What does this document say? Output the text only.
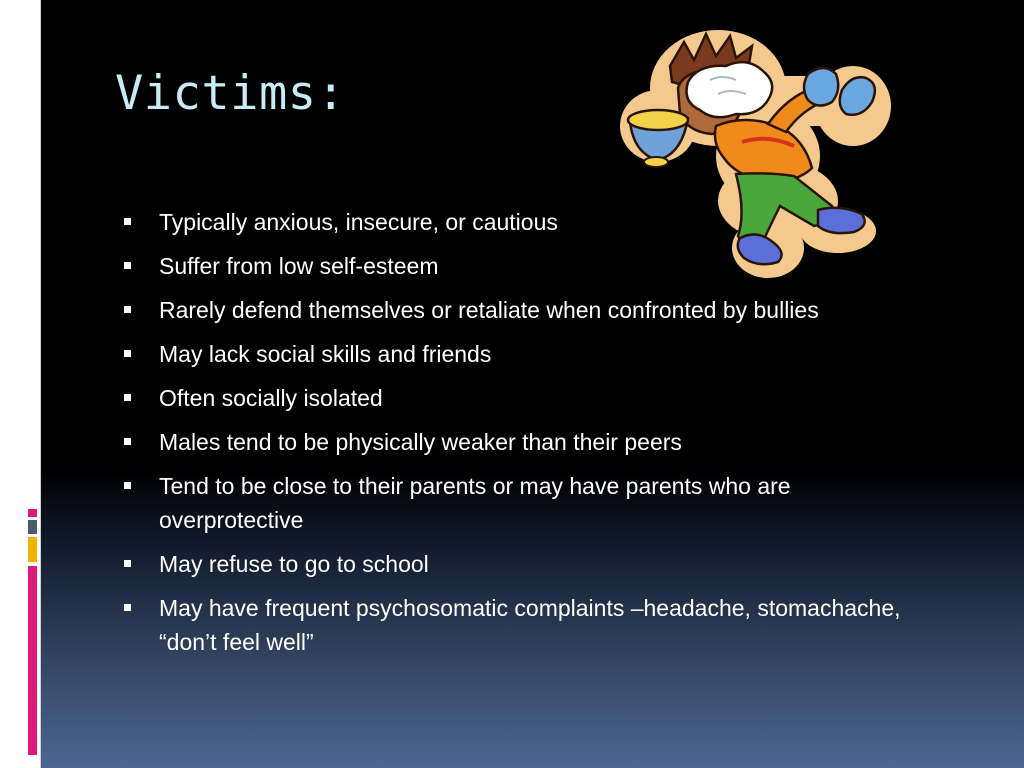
Victims:
Typically anxious, insecure, or cautious
Suffer from low self-esteem
Rarely defend themselves or retaliate when confronted by bullies
May lack social skills and friends
Often socially isolated
Males tend to be physically weaker than their peers
Tend to be close to their parents or may have parents who are overprotective
May refuse to go to school
May have frequent psychosomatic complaints –headache, stomachache, “don’t feel well”
